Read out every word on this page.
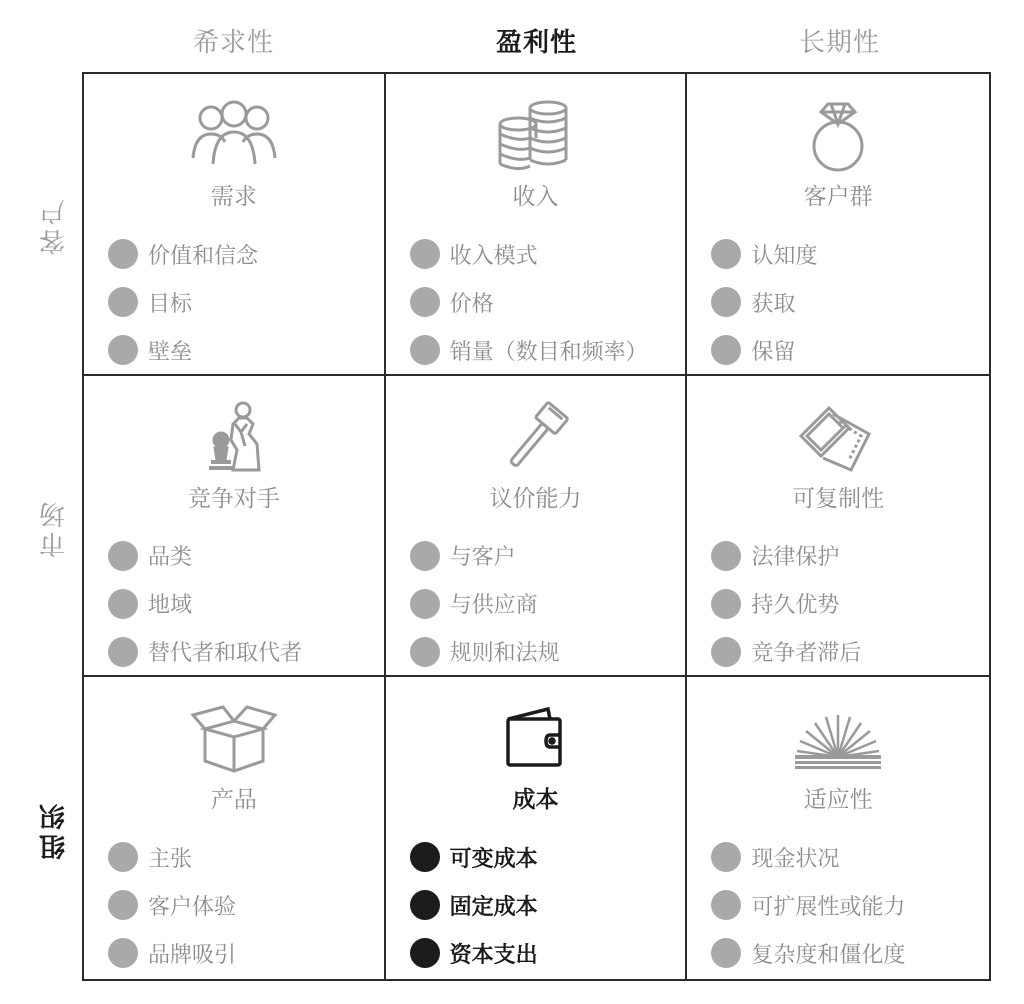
希求性	盈利性	长期性
客户
市场
组织
需求
价值和信念
目标
壁垒
收入
收入模式
价格
销量（数目和频率）
客户群
认知度
获取
保留
竞争对手
品类
地域
替代者和取代者
议价能力
与客户
与供应商
规则和法规
可复制性
法律保护
持久优势
竞争者滞后
产品
主张
客户体验
品牌吸引
成本
可变成本
固定成本
资本支出
适应性
现金状况
可扩展性或能力
复杂度和僵化度
